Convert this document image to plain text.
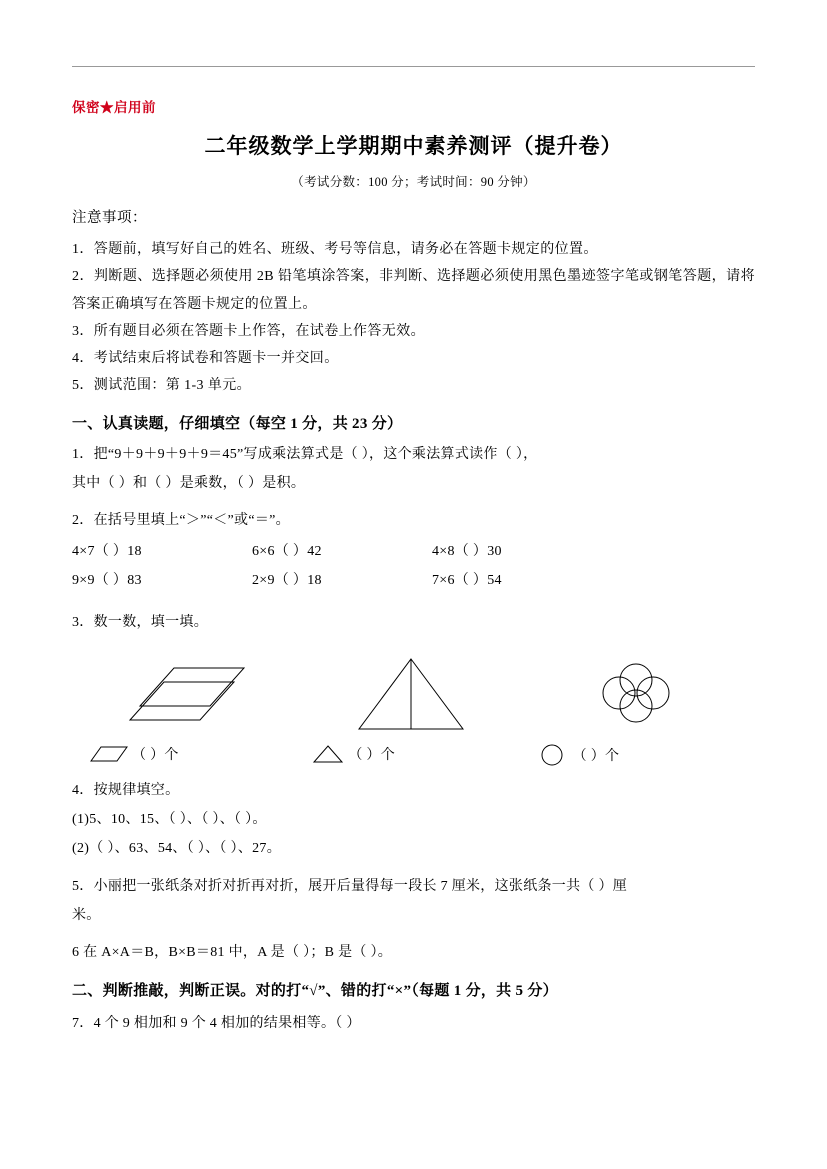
保密★启用前
二年级数学上学期期中素养测评（提升卷）
（考试分数：100 分；考试时间：90 分钟）
注意事项：

1．答题前，填写好自己的姓名、班级、考号等信息，请务必在答题卡规定的位置。

2．判断题、选择题必须使用 2B 铅笔填涂答案，非判断、选择题必须使用黑色墨迹签字笔或钢笔答题，请将答案正确填写在答题卡规定的位置上。

3．所有题目必须在答题卡上作答，在试卷上作答无效。

4．考试结束后将试卷和答题卡一并交回。

5．测试范围：第 1-3 单元。

一、认真读题，仔细填空（每空 1 分，共 23 分）

1．把“9＋9＋9＋9＋9＝45”写成乘法算式是（ ），这个乘法算式读作（ ），

其中（ ）和（ ）是乘数，（ ）是积。

2．在括号里填上“＞”“＜”或“＝”。

4×7（ ）18	6×6（ ）42	4×8（ ）30
9×9（ ）83	2×9（ ）18	7×6（ ）54

3．数一数，填一填。

（ ）个	（ ）个	（ ）个

4．按规律填空。

(1)5、10、15、（ ）、（ ）、（ ）。

(2)（ ）、63、54、（ ）、（ ）、27。

5．小丽把一张纸条对折对折再对折，展开后量得每一段长 7 厘米，这张纸条一共（ ）厘

米。

6 在 A×A＝B，B×B＝81 中，A 是（ ）；B 是（ ）。

二、判断推敲，判断正误。对的打“√”、错的打“×”（每题 1 分，共 5 分）

7．4 个 9 相加和 9 个 4 相加的结果相等。（ ）
